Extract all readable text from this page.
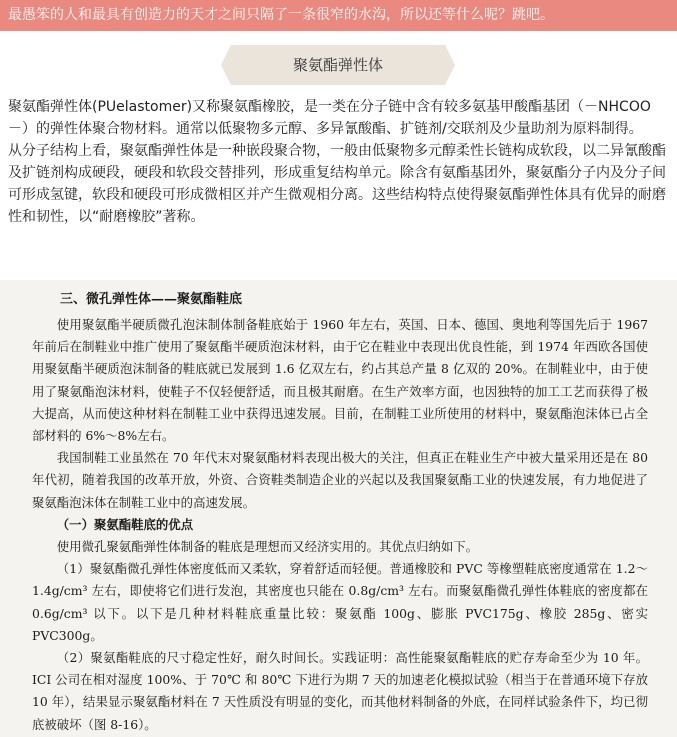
最愚笨的人和最具有创造力的天才之间只隔了一条很窄的水沟，所以还等什么呢？跳吧。
聚氨酯弹性体

聚氨酯弹性体(PUelastomer)又称聚氨酯橡胶，是一类在分子链中含有较多氨基甲酸酯基团（－NHCOO－）的弹性体聚合物材料。通常以低聚物多元醇、多异氰酸酯、扩链剂/交联剂及少量助剂为原料制得。

从分子结构上看，聚氨酯弹性体是一种嵌段聚合物，一般由低聚物多元醇柔性长链构成软段，以二异氰酸酯及扩链剂构成硬段，硬段和软段交替排列，形成重复结构单元。除含有氨酯基团外，聚氨酯分子内及分子间可形成氢键，软段和硬段可形成微相区并产生微观相分离。这些结构特点使得聚氨酯弹性体具有优异的耐磨性和韧性，以“耐磨橡胶”著称。

三、微孔弹性体——聚氨酯鞋底

使用聚氨酯半硬质微孔泡沫制体制备鞋底始于 1960 年左右，英国、日本、德国、奥地利等国先后于 1967 年前后在制鞋业中推广使用了聚氨酯半硬质泡沫材料，由于它在鞋业中表现出优良性能，到 1974 年西欧各国使用聚氨酯半硬质泡沫制备的鞋底就已发展到 1.6 亿双左右，约占其总产量 8 亿双的 20%。在制鞋业中，由于使用了聚氨酯泡沫材料，使鞋子不仅轻便舒适，而且极其耐磨。在生产效率方面，也因独特的加工工艺而获得了极大提高，从而使这种材料在制鞋工业中获得迅速发展。目前，在制鞋工业所使用的材料中，聚氨酯泡沫体已占全部材料的 6%～8%左右。

我国制鞋工业虽然在 70 年代末对聚氨酯材料表现出极大的关注，但真正在鞋业生产中被大量采用还是在 80 年代初，随着我国的改革开放，外资、合资鞋类制造企业的兴起以及我国聚氨酯工业的快速发展，有力地促进了聚氨酯泡沫体在制鞋工业中的高速发展。

（一）聚氨酯鞋底的优点

使用微孔聚氨酯弹性体制备的鞋底是理想而又经济实用的。其优点归纳如下。

（1）聚氨酯微孔弹性体密度低而又柔软，穿着舒适而轻便。普通橡胶和 PVC 等橡塑鞋底密度通常在 1.2～1.4g/cm³ 左右，即使将它们进行发泡，其密度也只能在 0.8g/cm³ 左右。而聚氨酯微孔弹性体鞋底的密度都在 0.6g/cm³ 以下。以下是几种材料鞋底重量比较：聚氨酯 100g、膨胀 PVC175g、橡胶 285g、密实 PVC300g。

（2）聚氨酯鞋底的尺寸稳定性好，耐久时间长。实践证明：高性能聚氨酯鞋底的贮存寿命至少为 10 年。ICI 公司在相对湿度 100%、于 70℃ 和 80℃ 下进行为期 7 天的加速老化模拟试验（相当于在普通环境下存放 10 年），结果显示聚氨酯材料在 7 天性质没有明显的变化，而其他材料制备的外底，在同样试验条件下，均已彻底被破坏（图 8-16）。
